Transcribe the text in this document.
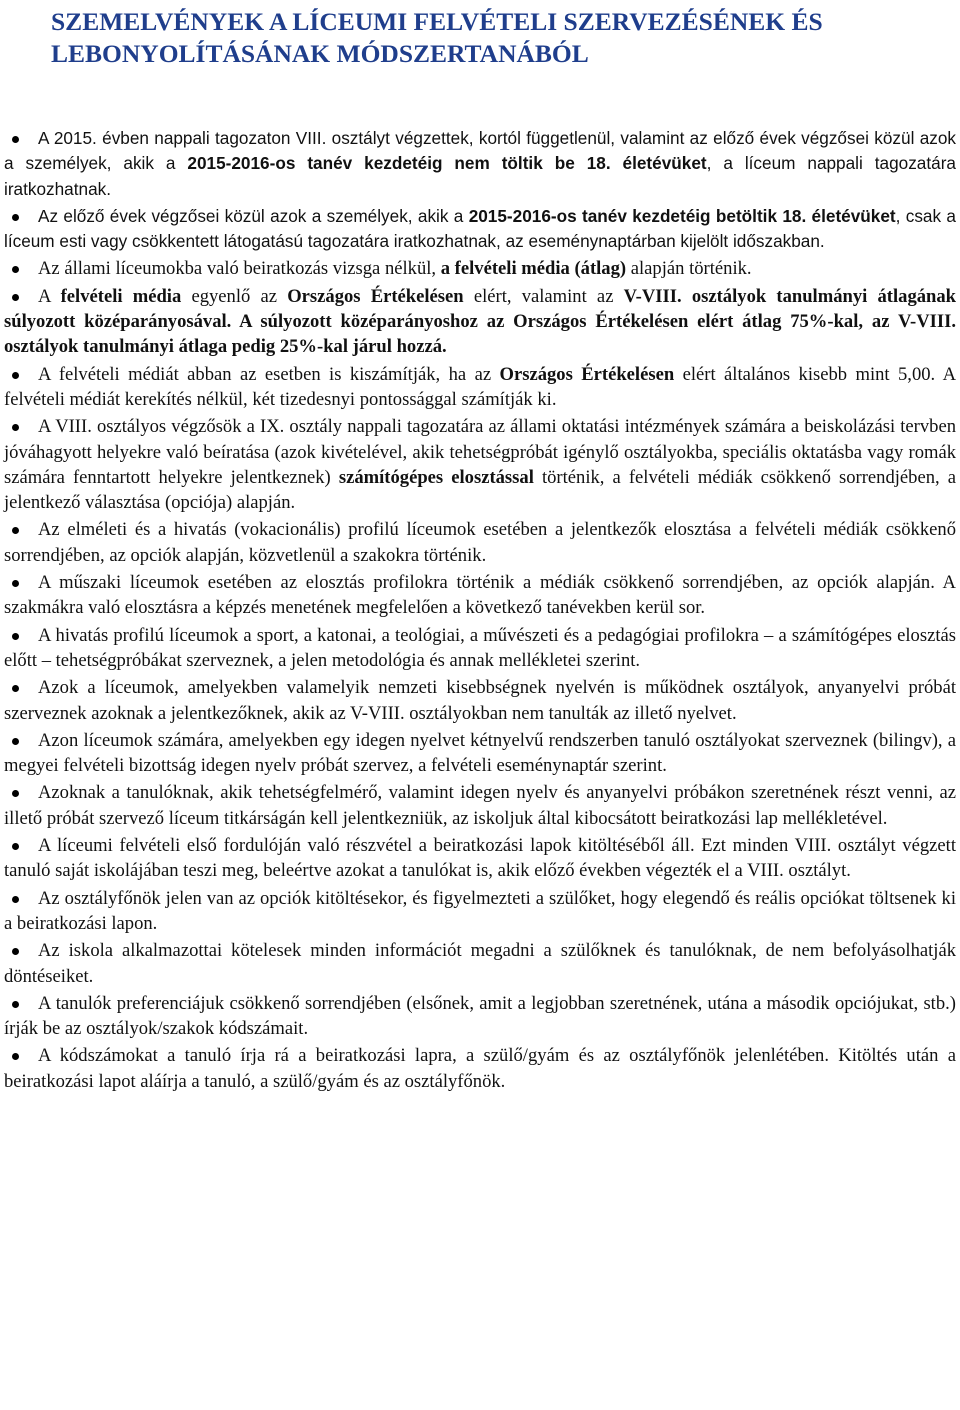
SZEMELVÉNYEK A LÍCEUMI FELVÉTELI SZERVEZÉSÉNEK ÉS LEBONYOLÍTÁSÁNAK MÓDSZERTANÁBÓL
A 2015. évben nappali tagozaton VIII. osztályt végzettek, kortól függetlenül, valamint az előző évek végzősei közül azok a személyek, akik a 2015-2016-os tanév kezdetéig nem töltik be 18. életévüket, a líceum nappali tagozatára iratkozhatnak.
Az előző évek végzősei közül azok a személyek, akik a 2015-2016-os tanév kezdetéig betöltik 18. életévüket, csak a líceum esti vagy csökkentett látogatású tagozatára iratkozhatnak, az eseménynaptárban kijelölt időszakban.
Az állami líceumokba való beiratkozás vizsga nélkül, a felvételi média (átlag) alapján történik.
A felvételi média egyenlő az Országos Értékelésen elért, valamint az V-VIII. osztályok tanulmányi átlagának súlyozott középarányosával. A súlyozott középarányoshoz az Országos Értékelésen elért átlag 75%-kal, az V-VIII. osztályok tanulmányi átlaga pedig 25%-kal járul hozzá.
A felvételi médiát abban az esetben is kiszámítják, ha az Országos Értékelésen elért általános kisebb mint 5,00. A felvételi médiát kerekítés nélkül, két tizedesnyi pontossággal számítják ki.
A VIII. osztályos végzősök a IX. osztály nappali tagozatára az állami oktatási intézmények számára a beiskolázási tervben jóváhagyott helyekre való beíratása (azok kivételével, akik tehetségpróbát igénylő osztályokba, speciális oktatásba vagy romák számára fenntartott helyekre jelentkeznek) számítógépes elosztással történik, a felvételi médiák csökkenő sorrendjében, a jelentkező választása (opciója) alapján.
Az elméleti és a hivatás (vokacionális) profilú líceumok esetében a jelentkezők elosztása a felvételi médiák csökkenő sorrendjében, az opciók alapján, közvetlenül a szakokra történik.
A műszaki líceumok esetében az elosztás profilokra történik a médiák csökkenő sorrendjében, az opciók alapján. A szakmákra való elosztásra a képzés menetének megfelelően a következő tanévekben kerül sor.
A hivatás profilú líceumok a sport, a katonai, a teológiai, a művészeti és a pedagógiai profilokra – a számítógépes elosztás előtt – tehetségpróbákat szerveznek, a jelen metodológia és annak mellékletei szerint.
Azok a líceumok, amelyekben valamelyik nemzeti kisebbségnek nyelvén is működnek osztályok, anyanyelvi próbát szerveznek azoknak a jelentkezőknek, akik az V-VIII. osztályokban nem tanulták az illető nyelvet.
Azon líceumok számára, amelyekben egy idegen nyelvet kétnyelvű rendszerben tanuló osztályokat szerveznek (bilingv), a megyei felvételi bizottság idegen nyelv próbát szervez, a felvételi eseménynaptár szerint.
Azoknak a tanulóknak, akik tehetségfelmérő, valamint idegen nyelv és anyanyelvi próbákon szeretnének részt venni, az illető próbát szervező líceum titkárságán kell jelentkezniük, az iskoljuk által kibocsátott beiratkozási lap mellékletével.
A líceumi felvételi első fordulóján való részvétel a beiratkozási lapok kitöltéséből áll. Ezt minden VIII. osztályt végzett tanuló saját iskolájában teszi meg, beleértve azokat a tanulókat is, akik előző években végezték el a VIII. osztályt.
Az osztályfőnök jelen van az opciók kitöltésekor, és figyelmezteti a szülőket, hogy elegendő és reális opciókat töltsenek ki a beiratkozási lapon.
Az iskola alkalmazottai kötelesek minden információt megadni a szülőknek és tanulóknak, de nem befolyásolhatják döntéseiket.
A tanulók preferenciájuk csökkenő sorrendjében (elsőnek, amit a legjobban szeretnének, utána a második opciójukat, stb.) írják be az osztályok/szakok kódszámait.
A kódszámokat a tanuló írja rá a beiratkozási lapra, a szülő/gyám és az osztályfőnök jelenlétében. Kitöltés után a beiratkozási lapot aláírja a tanuló, a szülő/gyám és az osztályfőnök.
